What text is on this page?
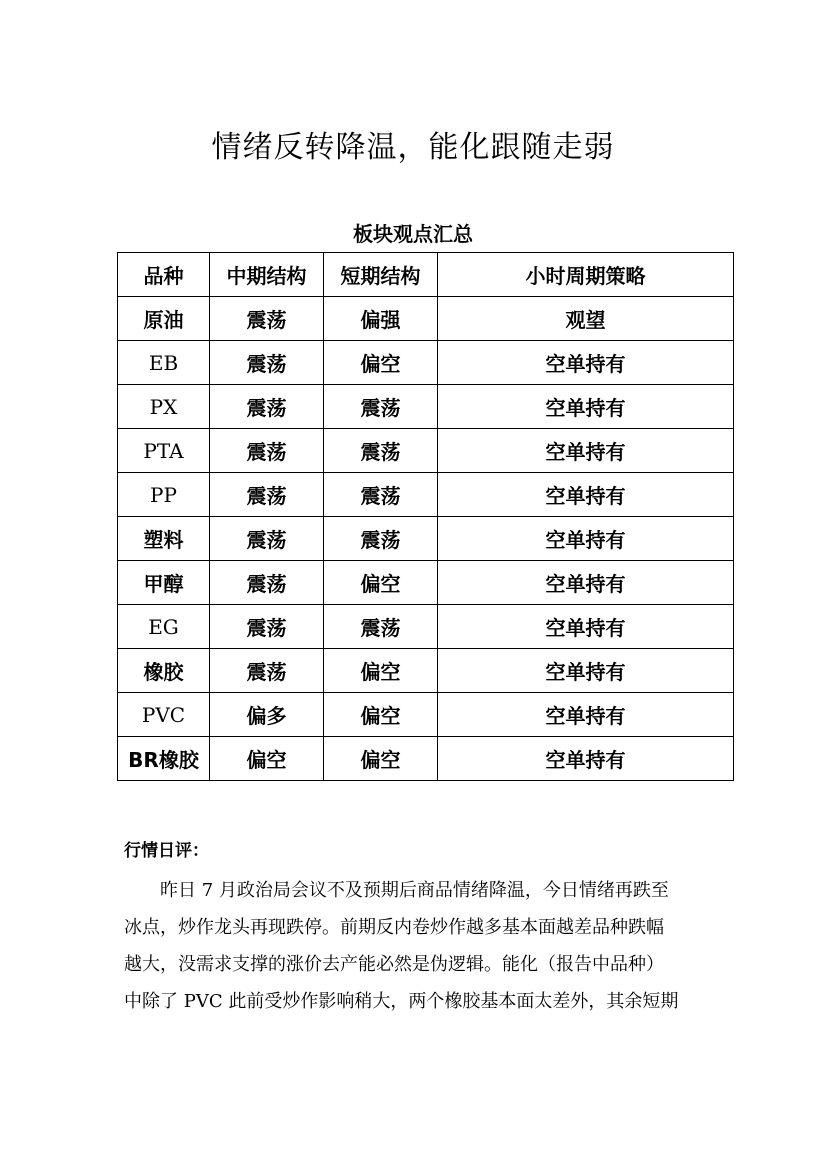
情绪反转降温，能化跟随走弱
板块观点汇总
品种	中期结构	短期结构	小时周期策略
原油	震荡	偏强	观望
EB	震荡	偏空	空单持有
PX	震荡	震荡	空单持有
PTA	震荡	震荡	空单持有
PP	震荡	震荡	空单持有
塑料	震荡	震荡	空单持有
甲醇	震荡	偏空	空单持有
EG	震荡	震荡	空单持有
橡胶	震荡	偏空	空单持有
PVC	偏多	偏空	空单持有
BR橡胶	偏空	偏空	空单持有
行情日评：
昨日 7 月政治局会议不及预期后商品情绪降温，今日情绪再跌至
冰点，炒作龙头再现跌停。前期反内卷炒作越多基本面越差品种跌幅
越大，没需求支撑的涨价去产能必然是伪逻辑。能化（报告中品种）
中除了 PVC 此前受炒作影响稍大，两个橡胶基本面太差外，其余短期
